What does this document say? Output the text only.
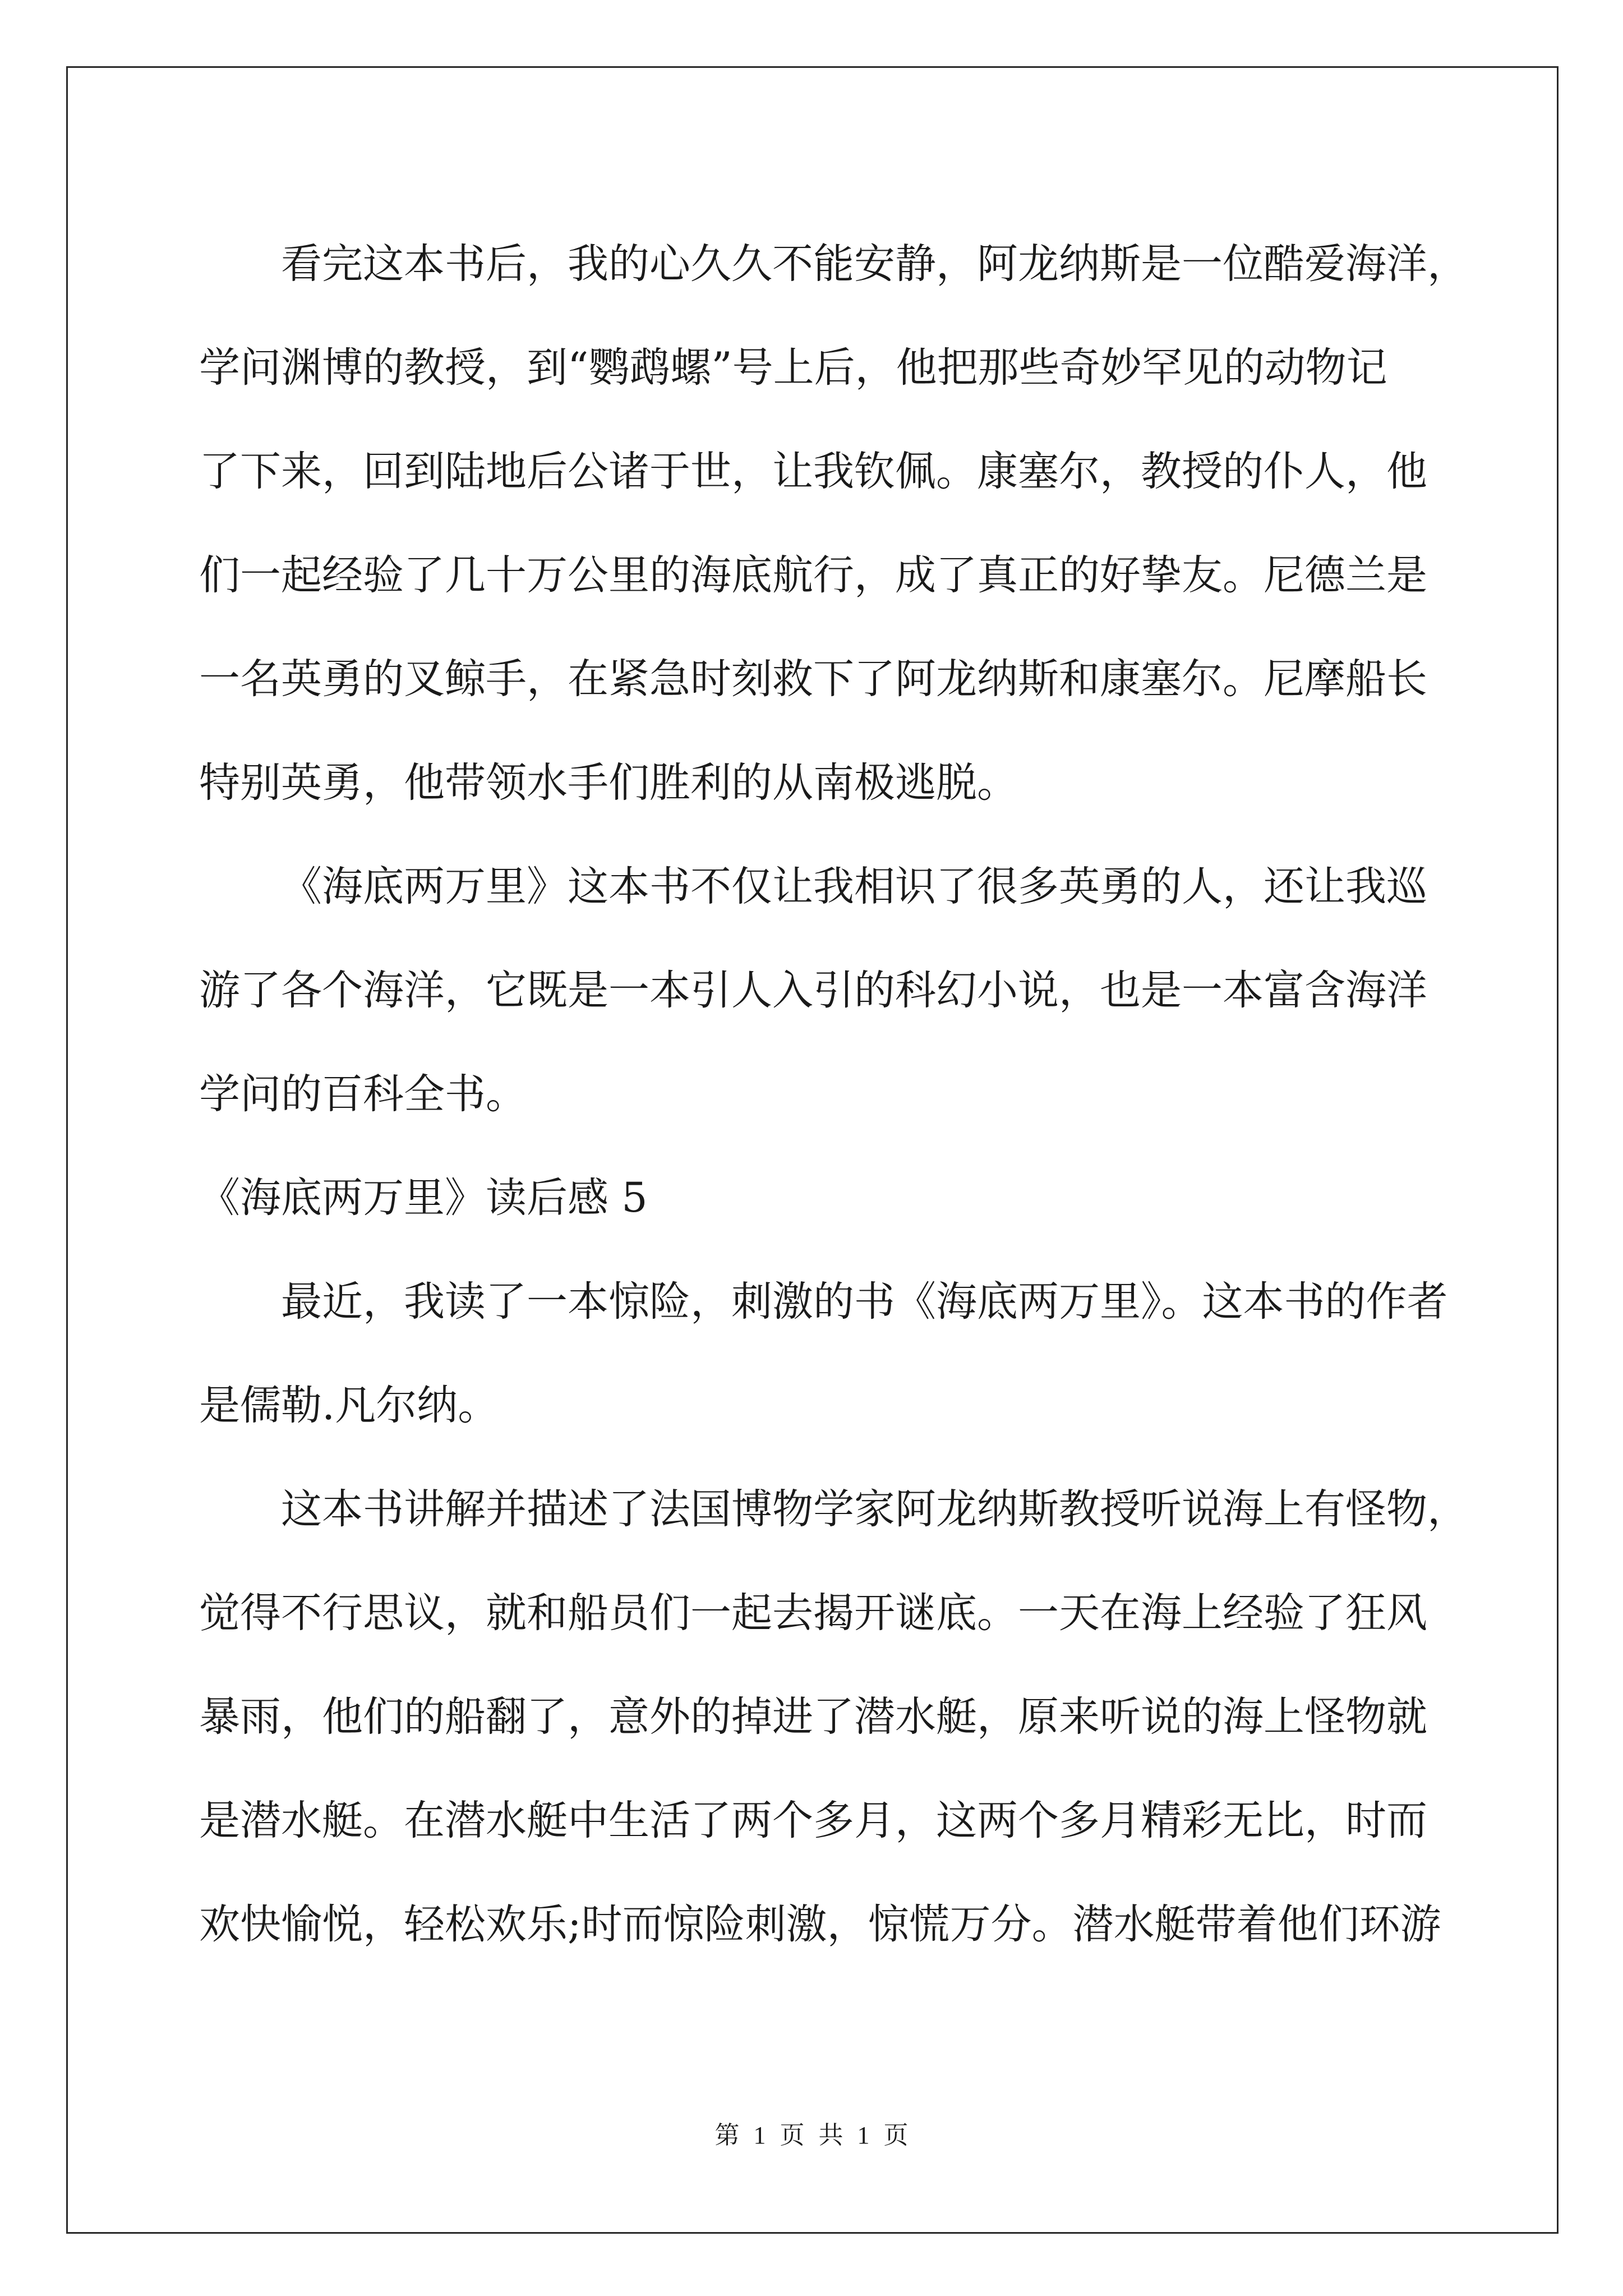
看完这本书后，我的心久久不能安静，阿龙纳斯是一位酷爱海洋，
学问渊博的教授，到“鹦鹉螺”号上后，他把那些奇妙罕见的动物记
了下来，回到陆地后公诸于世，让我钦佩。康塞尔，教授的仆人，他
们一起经验了几十万公里的海底航行，成了真正的好挚友。尼德兰是
一名英勇的叉鲸手，在紧急时刻救下了阿龙纳斯和康塞尔。尼摩船长
特别英勇，他带领水手们胜利的从南极逃脱。
《海底两万里》这本书不仅让我相识了很多英勇的人，还让我巡
游了各个海洋，它既是一本引人入引的科幻小说，也是一本富含海洋
学问的百科全书。
《海底两万里》读后感 5
最近，我读了一本惊险，刺激的书《海底两万里》。这本书的作者
是儒勒.凡尔纳。
这本书讲解并描述了法国博物学家阿龙纳斯教授听说海上有怪物，
觉得不行思议，就和船员们一起去揭开谜底。一天在海上经验了狂风
暴雨，他们的船翻了，意外的掉进了潜水艇，原来听说的海上怪物就
是潜水艇。在潜水艇中生活了两个多月，这两个多月精彩无比，时而
欢快愉悦，轻松欢乐;时而惊险刺激，惊慌万分。潜水艇带着他们环游
第 1 页 共 1 页
